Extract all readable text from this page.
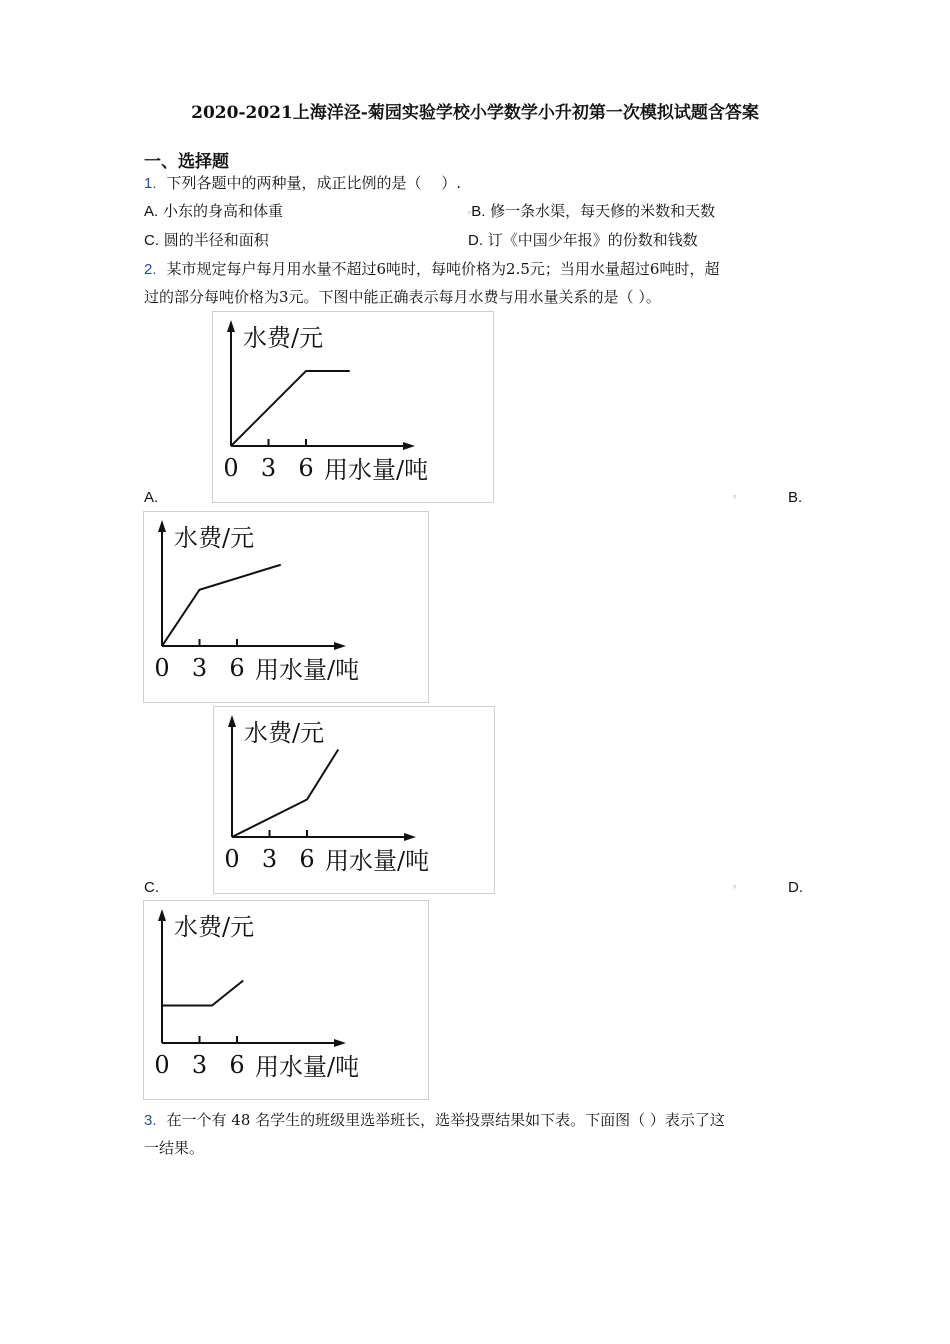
2020-2021上海洋泾-菊园实验学校小学数学小升初第一次模拟试题含答案
一、选择题
1. 下列各题中的两种量，成正比例的是（　 ）.
A. 小东的身高和体重	ᵖB. 修一条水渠，每天修的米数和天数
C. 圆的半径和面积	D. 订《中国少年报》的份数和钱数
2. 某市规定每户每月用水量不超过6吨时，每吨价格为2.5元；当用水量超过6吨时，超
过的部分每吨价格为3元。下图中能正确表示每月水费与用水量关系的是（ ）。
A.	ᵑ	B.
C.	ᵑ	D.
0 3 6
水费/元
用水量/吨
0 3 6
水费/元
用水量/吨
0 3 6
水费/元
用水量/吨
0 3 6
水费/元
用水量/吨
3. 在一个有 48 名学生的班级里选举班长，选举投票结果如下表。下面图（ ）表示了这
一结果。
